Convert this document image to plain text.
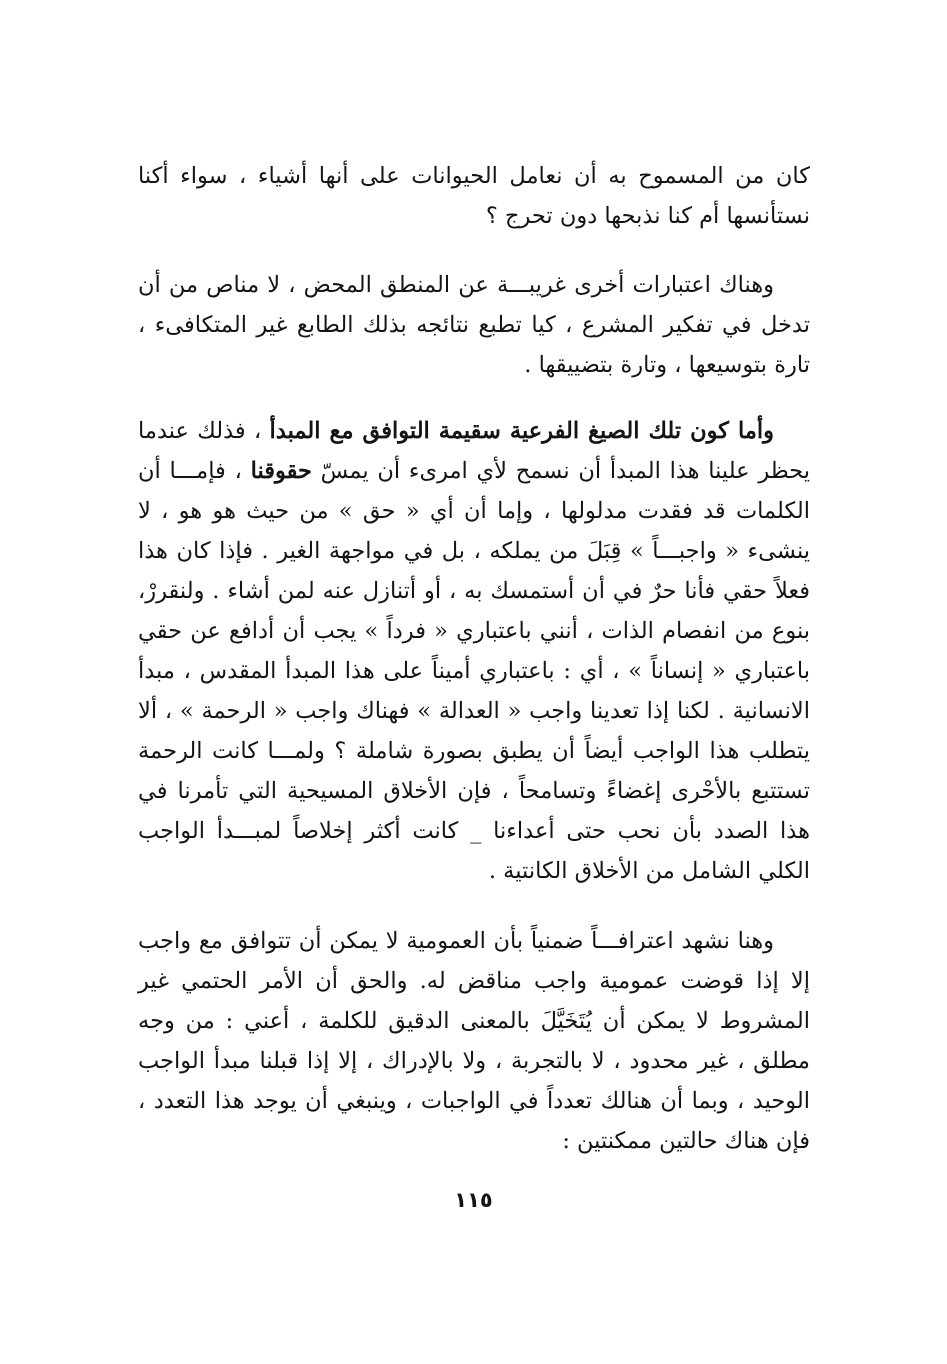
كان من المسموح به أن نعامل الحيوانات على أنها أشياء ، سواء أكنا نستأنسها أم كنا نذبحها دون تحرج ؟

وهناك اعتبارات أخرى غريبـــة عن المنطق المحض ، لا مناص من أن تدخل في تفكير المشرع ، كيا تطبع نتائجه بذلك الطابع غير المتكافىء ، تارة بتوسيعها ، وتارة بتضييقها .

وأما كون تلك الصيغ الفرعية سقيمة التوافق مع المبدأ ، فذلك عندما يحظر علينا هذا المبدأ أن نسمح لأي امرىء أن يمسّ حقوقنا ، فإمـــا أن الكلمات قد فقدت مدلولها ، وإما أن أي « حق » من حيث هو هو ، لا ينشىء « واجبـــاً » قِبَلَ من يملكه ، بل في مواجهة الغير . فإذا كان هذا فعلاً حقي فأنا حرٌ في أن أستمسك به ، أو أتنازل عنه لمن أشاء . ولنقررْ، بنوع من انفصام الذات ، أنني باعتباري « فرداً » يجب أن أدافع عن حقي باعتباري « إنساناً » ، أي : باعتباري أميناً على هذا المبدأ المقدس ، مبدأ الانسانية . لكنا إذا تعدينا واجب « العدالة » فهناك واجب « الرحمة » ، ألا يتطلب هذا الواجب أيضاً أن يطبق بصورة شاملة ؟ ولمـــا كانت الرحمة تستتبع بالأحْرى إغضاءً وتسامحاً ، فإن الأخلاق المسيحية التي تأمرنا في هذا الصدد بأن نحب حتى أعداءنا _ كانت أكثر إخلاصاً لمبـــدأ الواجب الكلي الشامل من الأخلاق الكانتية .

وهنا نشهد اعترافـــاً ضمنياً بأن العمومية لا يمكن أن تتوافق مع واجب إلا إذا قوضت عمومية واجب مناقض له. والحق أن الأمر الحتمي غير المشروط لا يمكن أن يُتَخَيَّلَ بالمعنى الدقيق للكلمة ، أعني : من وجه مطلق ، غير محدود ، لا بالتجربة ، ولا بالإدراك ، إلا إذا قبلنا مبدأ الواجب الوحيد ، وبما أن هنالك تعدداً في الواجبات ، وينبغي أن يوجد هذا التعدد ، فإن هناك حالتين ممكنتين :

١١٥
